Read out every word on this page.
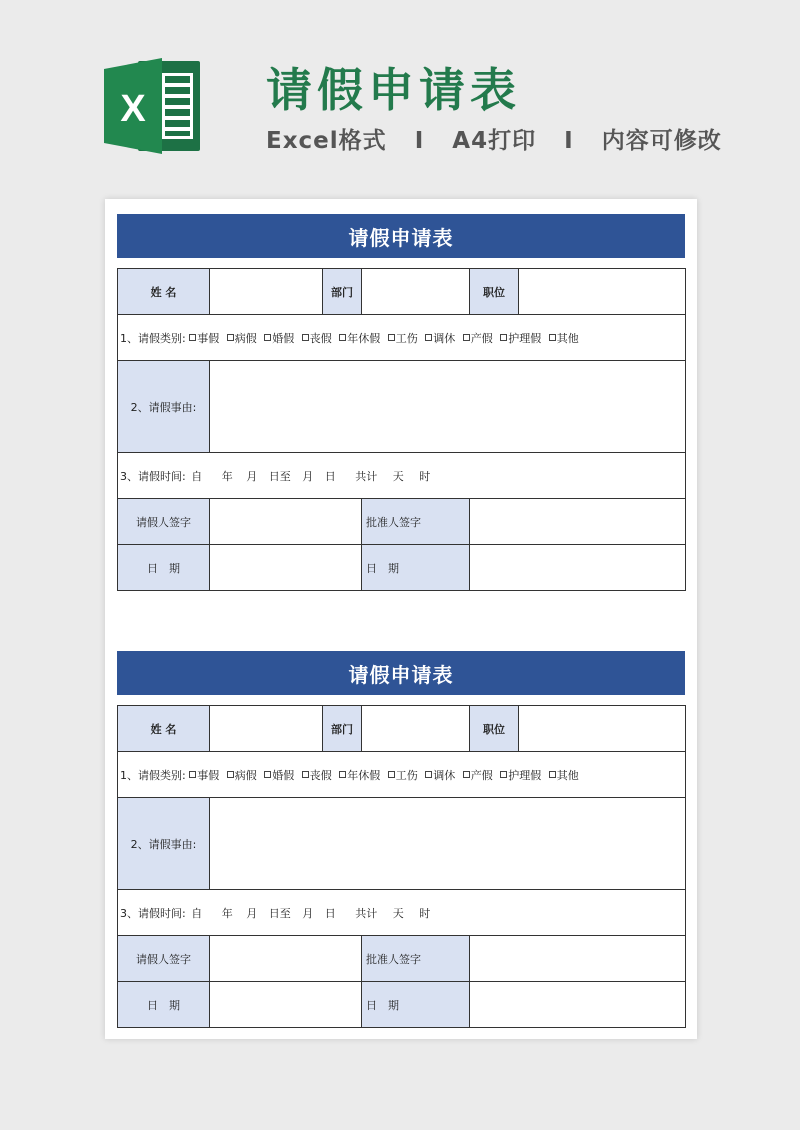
X	请假申请表
Excel格式 I A4打印 I 内容可修改
请假申请表
姓 名		部门		职位	
1、请假类别: 事假 病假 婚假 丧假 年休假 工伤 调休 产假 护理假 其他					
2、请假事由:					
3、请假时间: 自 年 月 日至 月 日 共计 天 时					
请假人签字			批准人签字		
日　期			日　期		
请假申请表
姓 名		部门		职位	
1、请假类别: 事假 病假 婚假 丧假 年休假 工伤 调休 产假 护理假 其他					
2、请假事由:					
3、请假时间: 自 年 月 日至 月 日 共计 天 时					
请假人签字			批准人签字		
日　期			日　期		
